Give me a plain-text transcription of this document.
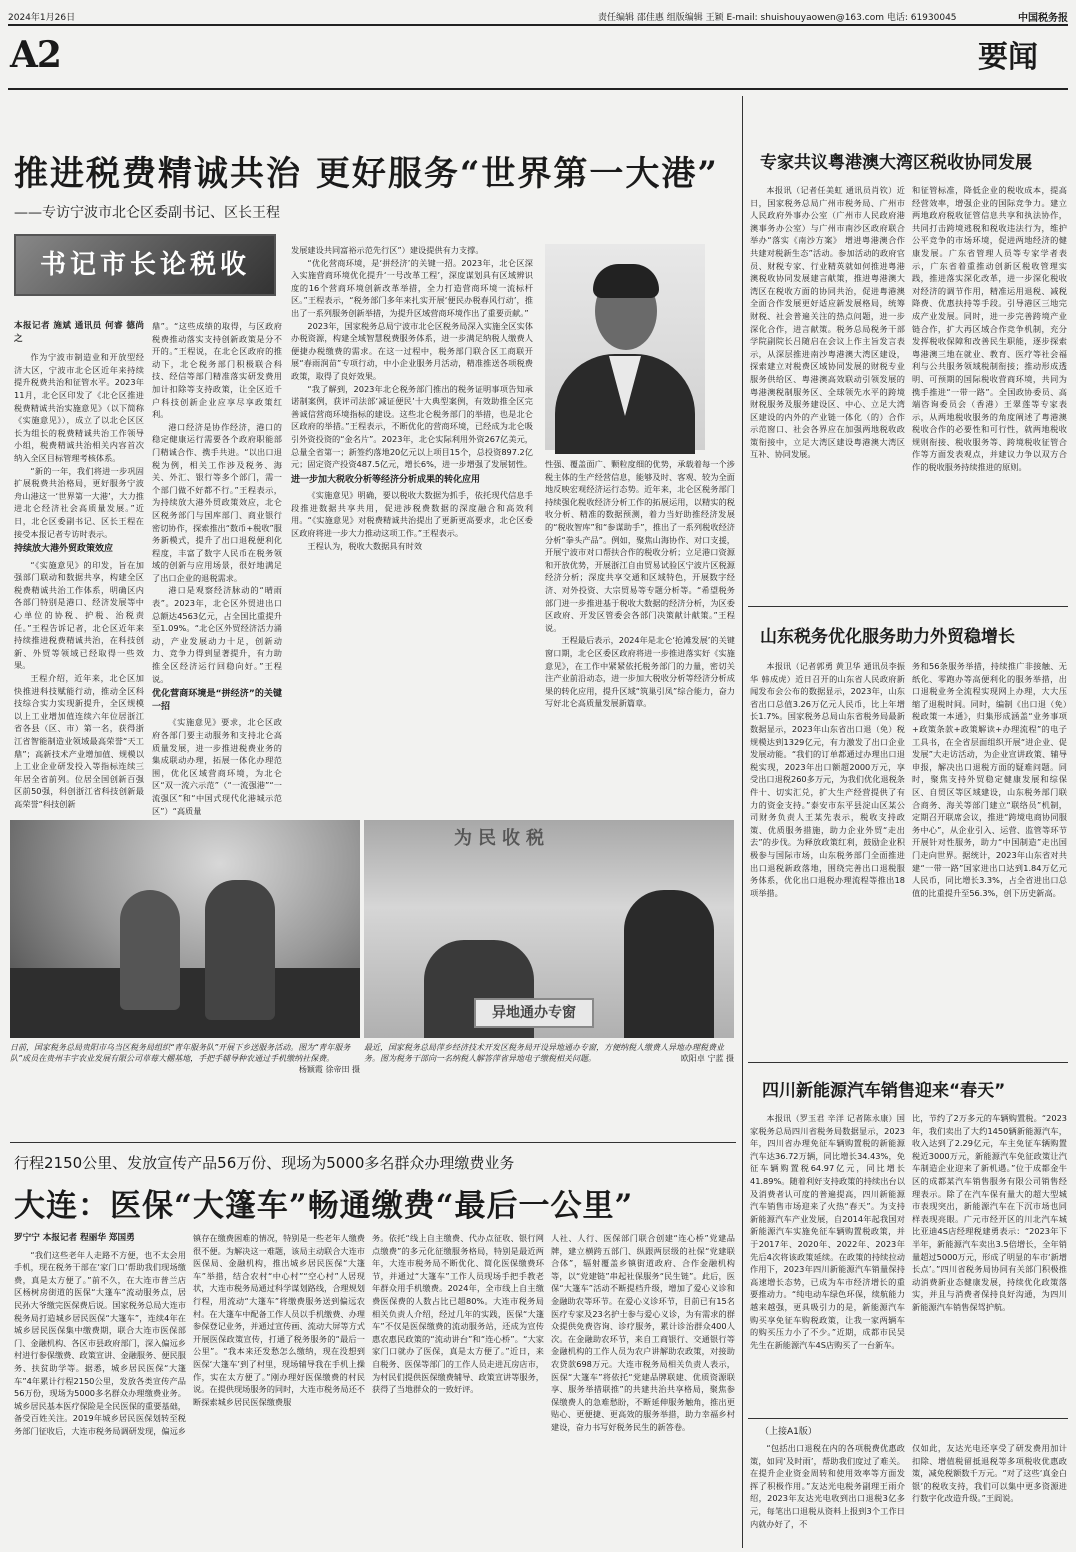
2024年1月26日	责任编辑 邵佳惠 组版编辑 王颖 E-mail: shuishouyaowen@163.com 电话: 61930045	中国税务报
A2	要闻
推进税费精诚共治 更好服务“世界第一大港”
——专访宁波市北仑区委副书记、区长王程
书记市长论税收
本报记者 施斌 通讯员 何睿 德尚之

作为宁波市制造业和开放型经济大区，宁波市北仑区近年来持续提升税费共治和征管水平。2023年11月，北仑区印发了《北仑区推进税费精诚共治实施意见》（以下简称《实施意见》），成立了以北仑区区长为组长的税费精诚共治工作领导小组，税费精诚共治相关内容首次纳入全区目标管理考核体系。

“新的一年，我们将进一步巩固扩展税费共治格局，更好服务宁波舟山港这一‘世界第一大港’，大力推进北仑经济社会高质量发展。”近日，北仑区委副书记、区长王程在接受本报记者专访时表示。

持续放大港外贸政策效应

“《实施意见》的印发，旨在加强部门联动和数据共享，构建全区税费精诚共治工作体系，明确区内各部门特别是港口、经济发展等中心单位的协税、护税、治税责任。”王程告诉记者，北仑区近年来持续推进税费精诚共治，在科技创新、外贸等领域已经取得一些效果。

王程介绍，近年来，北仑区加快推进科技赋能行动，推动全区科技综合实力实现新提升，全区规模以上工业增加值连续六年位居浙江省各县（区、市）第一名，获得浙江省智能制造业领域最高荣誉“天工鼎”；高新技术产业增加值、规模以上工业企业研发投入等指标连续三年居全省前列。位居全国创新百强区前50强，科创浙江省科技创新最高荣誉“科技创新

鼎”。“这些成绩的取得，与区政府税费推动落实支持创新政策是分不开的。”王程说，在北仑区政府的推动下，北仑税务部门积极联合科技、经信等部门精准落实研发费用加计扣除等支持政策，让全区近千户科技创新企业应享尽享政策红利。

港口经济是协作经济，港口的稳定健康运行需要各个政府职能部门精诚合作、携手共进。“以出口退税为例，相关工作涉及税务、海关、外汇、银行等多个部门，需一个部门做不好都不行。”王程表示，为持续放大港外贸政策效应，北仑区税务部门与国库部门、商业银行密切协作，探索推出“数币+税收”服务新模式，提升了出口退税便利化程度，丰富了数字人民币在税务领域的创新与应用场景，很好地满足了出口企业的退税需求。

港口是观察经济脉动的“晴雨表”。2023年，北仑区外贸进出口总额达4563亿元，占全国比重提升至1.09%。“北仑区外贸经济活力涌动，产业发展动力十足，创新动力、竞争力得到显著提升，有力助推全区经济运行回稳向好。”王程说。

优化营商环境是“拼经济”的关键一招

《实施意见》要求，北仑区政府各部门要主动服务和支持北仑高质量发展，进一步推进税费业务的集成联动办理，拓展一体化办理范围，优化区域营商环境，为北仑区“双一流六示范”（“一流强港”“一流强区”和“中国式现代化港城示范区”）“高质量

发展建设共同富裕示范先行区”）建设提供有力支撑。

“优化营商环境，是‘拼经济’的关键一招。2023年，北仑区深入实施营商环境优化提升‘一号改革工程’，深度谋划具有区域辨识度的16个营商环境创新改革举措，全力打造营商环境一流标杆区。”王程表示，“税务部门多年来扎实开展‘便民办税春风行动’，推出了一系列服务创新举措，为提升区域营商环境作出了重要贡献。”

2023年，国家税务总局宁波市北仑区税务局深入实施全区实体办税资源，构建全域智慧税费服务体系，进一步满足纳税人缴费人便捷办税缴费的需求。在这一过程中，税务部门联合区工商联开展“春雨润苗”专项行动，中小企业服务月活动，精准推送各项税费政策，取得了良好效果。

“我了解到，2023年北仑税务部门推出的税务证明事项告知承诺制案例，获评司法部‘减证便民’十大典型案例，有效助推全区完善诚信营商环境指标的建设。这些北仑税务部门的举措，也是北仑区政府的举措。”王程表示，不断优化的营商环境，已经成为北仑吸引外资投资的“金名片”。2023年，北仑实际利用外资267亿美元，总量全省第一；新签约落地20亿元以上项目15个，总投资897.2亿元；固定资产投资487.5亿元，增长6%，进一步增强了发展韧性。

进一步加大税收分析等经济分析成果的转化应用

《实施意见》明确，要以税收大数据为抓手，依托现代信息手段推进数据共享共用，促进涉税费数据的深度融合和高效利用。“《实施意见》对税费精诚共治提出了更新更高要求，北仑区委区政府将进一步大力推动这项工作。”王程表示。

王程认为，税收大数据具有时效

性强、覆盖面广、颗粒度细的优势，承载着每一个涉税主体的生产经营信息，能够及时、客观、较为全面地反映宏观经济运行态势。近年来，北仑区税务部门持续强化税收经济分析工作的拓展运用，以精实的税收分析、精准的数据预测，着力当好助推经济发展的“税收智库”和“参谋助手”，推出了一系列税收经济分析“拳头产品”。例如，聚焦山海协作、对口支援，开展宁波市对口帮扶合作的税收分析；立足港口资源和开放优势，开展浙江自由贸易试验区宁波片区税源经济分析；深度共享交通和区域特色，开展数字经济、对外投资、大宗贸易等专题分析等。“希望税务部门进一步推进基于税收大数据的经济分析，为区委区政府、开发区管委会各部门决策献计献策。”王程说。

王程最后表示，2024年是北仑‘抢滩发展’的关键窗口期，北仑区委区政府将进一步推进落实好《实施意见》，在工作中紧紧依托税务部门的力量，密切关注产业前沿动态，进一步加大税收分析等经济分析成果的转化应用，提升区域“筑巢引凤”综合能力，奋力写好北仑高质量发展新篇章。

为民收税
异地通办专窗
日前，国家税务总局贵阳市乌当区税务局组织“青年服务队”开展下乡送服务活动。图为“青年服务队”成员在贵州丰宇农业发展有限公司草莓大棚基地，手把手辅导种农通过手机缴纳社保费。
杨颖霞 徐帝田 摄
最近，国家税务总局萍乡经济技术开发区税务局开设异地通办专窗，方便纳税人缴费人异地办理税费业务。图为税务干部向一名纳税人解答萍省异地电子缴税相关问题。	欧阳卓 宁蓝 摄
专家共议粤港澳大湾区税收协同发展

本报讯（记者任美虹 通讯员肖钦）近日，国家税务总局广州市税务局、广州市人民政府外事办公室（广州市人民政府港澳事务办公室）与广州市南沙区政府联合举办“落实《南沙方案》 增进粤港澳合作 共建对税新生态”活动。参加活动的政府官员、财税专家、行业精英就如何推进粤港澳税收协同发展建言献策，推进粤港澳大湾区在税收方面的协同共治，促进粤港澳全面合作发展更好适应新发展格局，统筹财税、社会普遍关注的热点问题，进一步深化合作，进言献策。税务总局税务干部学院副院长吕随启在会议上作主旨发言表示，从深层推进南沙粤港澳大湾区建设，探索建立对税费区域协同发展的财税专业服务供给区、粤港澳高效联动引领发展的粤港澳税制服务区、全球领先水平的跨境财税服务及服务建设区、中心、立足大湾区建设的内外的产业链一体化（的）合作示范窗口、社会各界应在加强两地税收政策衔接中，立足大湾区建设粤港澳大湾区互补、协同发展。

和征管标准，降低企业的税收成本，提高经营效率，增强企业的国际竞争力。建立两地政府税收征管信息共享和执法协作，共同打击跨境逃税和税收违法行为，维护公平竞争的市场环境，促进两地经济的健康发展。广东省管理人员等专家学者表示，广东省着重推动创新区税收管理实践，推进落实深化改革，进一步深化税收对经济的调节作用，精准运用退税、减税降费、优惠扶持等手段。引导港区三地完成产业发展。同时，进一步完善跨境产业链合作，扩大再区域合作竞争机制，充分发挥税收保障和改善民生职能，逐步探索粤港澳三地在就业、教育、医疗等社会福利与公共服务领域税制衔接；推动形成透明、可预期的国际税收营商环境，共同为携手推进“一带一路”。全国政协委员、高端咨询委员会（香港）王翠莲等专家表示，从两地税收服务的角度阐述了粤港澳税收合作的必要性和可行性，就两地税收规则衔接、税收服务等、跨境税收征管合作等方面发表观点，并建议力争以双方合作的税收服务持续推进的原则。

山东税务优化服务助力外贸稳增长

本报讯（记者郭勇 黄卫华 通讯员李振华 韩成虎）近日召开的山东省人民政府新闻发布会公布的数据显示，2023年，山东省出口总值3.26万亿元人民币，比上年增长1.7%。国家税务总局山东省税务局最新数据显示，2023年山东省出口退（免）税规模达到1329亿元，有力激发了出口企业发展动能。“我们的订单都通过办理出口退税实现，2023年出口额超2000万元，享受出口退税260多万元，为我们优化退税条件十、切实汇兑，扩大生产经营提供了有力的资金支持。”泰安市东平县淀山区某公司财务负责人王某先表示，税收支持政策、优质服务措施，助力企业外贸“走出去”的步伐。为释放政策红利，鼓励企业积极参与国际市场，山东税务部门全面推进出口退税新政落地，围绕完善出口退税服务体系，优化出口退税办理流程等推出18项举措。

务和56条服务举措，持续推广非接触、无纸化、零跑办等高便利化的服务举措，出口退税业务全流程实现网上办理，大大压缩了退税时间。同时，编制《出口退（免）税政策一本通》，归集形成涵盖“业务事项+政策条款+政策解读+办理流程”的电子工具书，在全省层面组织开展“进企业、促发展”大走访活动，为企业宣讲政策、辅导申报，解决出口退税方面的疑难问题。同时，聚焦支持外贸稳定健康发展和综保区、自贸区等区域建设，山东税务部门联合商务、海关等部门建立“联络员”机制，定期召开联席会议，推进“跨境电商协同服务中心”，从企业引入、运营、监管等环节开展针对性服务，助力“中国制造”走出国门走向世界。据统计，2023年山东省对共建“一带一路”国家进出口达到1.84万亿元人民币，同比增长3.3%，占全省进出口总值的比重提升至56.3%，创下历史新高。

四川新能源汽车销售迎来“春天”

本报讯（罗玉君 辛洋 记者陈永康）国家税务总局四川省税务局数据显示，2023年，四川省办理免征车辆购置税的新能源汽车达36.72万辆，同比增长34.43%，免征车辆购置税64.97亿元，同比增长41.89%。随着利好支持政策的持续出台以及消费者认可度的普遍提高，四川新能源汽车销售市场迎来了火热“春天”。为支持新能源汽车产业发展，自2014年起我国对新能源汽车实施免征车辆购置税政策，并于2017年、2020年、2022年、2023年先后4次将该政策延续。在政策的持续拉动作用下，2023年四川新能源汽车销量保持高速增长态势，已成为车市经济增长的重要推动力。“纯电动车绿色环保，续航能力越来越强，更具吸引力的是，新能源汽车购买享免征车购税政策，让我一家两辆车的购买压力小了不少。”近期，成都市民吴先生在新能源汽车4S店购买了一台新车。

比，节约了2万多元的车辆购置税。“2023年，我们卖出了大约1450辆新能源汽车，收入达到了2.29亿元，车主免征车辆购置税近3000万元，新能源汽车免征政策让汽车制造企业迎来了新机遇。”位于成都金牛区的成都某汽车销售服务有限公司销售经理表示。除了在汽车保有量大的超大型城市表现突出，新能源汽车在下沉市场也同样表现亮眼。广元市经开区的川北汽车城比亚迪4S店经理税建勇表示：“2023年下半年，新能源汽车卖出3.5倍增长，全年销量超过5000万元，形成了明显的车市‘新增长点’。”四川省税务局协同有关部门积极推动消费新业态健康发展，持续优化政策落实，并且与消费者保持良好沟通，为四川新能源汽车销售保驾护航。

（上接A1版）

“包括出口退税在内的各项税费优惠政策，如同‘及时雨’，帮助我们度过了难关。在提升企业资金周转和使用效率等方面发挥了积极作用。”友达光电税务副理王雨介绍，2023年友达光电收到出口退税3亿多元，每笔出口退税从资料上报到3个工作日内就办好了，不

仅如此，友达光电还享受了研发费用加计扣除、增值税留抵退税等多项税收优惠政策，减免税额数千万元。“对了这些‘真金白银’的税收支持，我们可以集中更多资源进行数字化改造升级。”王阎说。

行程2150公里、发放宣传产品56万份、现场为5000多名群众办理缴费业务
大连：医保“大篷车”畅通缴费“最后一公里”
罗宁宁 本报记者 程丽华 郑国勇

“我们这些老年人走路不方便，也不太会用手机，现在税务干部在‘家门口’帮助我们现场缴费，真是太方便了。”前不久，在大连市普兰店区杨树房街道的医保“大篷车”流动服务点，居民孙大爷缴完医保费后说。国家税务总局大连市税务局打造城乡居民医保“大篷车”，连续4年在城乡居民医保集中缴费期，联合大连市医保部门、金融机构、各区市县政府部门，深入偏远乡村进行参保缴费、政策宣讲、金融服务、便民服务、扶贫助学等。据悉，城乡居民医保“大篷车”4年累计行程2150公里，发放各类宣传产品56万份，现场为5000多名群众办理缴费业务。城乡居民基本医疗保险是全民医保的重要基础，备受百姓关注。2019年城乡居民医保划转至税务部门征收后，大连市税务局调研发现，偏远乡

镇存在缴费困难的情况，特别是一些老年人缴费很不便。为解决这一难题，该局主动联合大连市医保局、金融机构，推出城乡居民医保“大篷车”举措，结合农村“中心村”“空心村”人居现状，大连市税务局通过科学谋划路线，合理规划行程，用流动“大篷车”将缴费服务送到偏远农村。在大篷车中配备工作人员以手机缴费、办理参保登记业务，并通过宣传画、流动大屏等方式开展医保政策宣传，打通了税务服务的“最后一公里”。“我本来还发愁怎么缴纳，现在没想到医保‘大篷车’到了村里，现场辅导我在手机上操作，实在太方便了。”刚办理好医保缴费的村民说。在提供现场服务的同时，大连市税务局还不断探索城乡居民医保缴费服

务。依托“线上自主缴费、代办点征收、银行网点缴费”的多元化征缴服务格局，特别是最近两年，大连市税务局不断优化、简化医保缴费环节，并通过“大篷车”工作人员现场手把手教老年群众用手机缴费。2024年，全市线上自主缴费医保费的人数占比已超80%。大连市税务局相关负责人介绍，经过几年的实践，医保“大篷车”不仅是医保缴费的流动服务站，还成为宣传惠农惠民政策的“流动讲台”和“连心桥”。“大家家门口就办了医保，真是太方便了。”近日，来自税务、医保等部门的工作人员走进瓦房店市，为村民们提供医保缴费辅导、政策宣讲等服务，获得了当地群众的一致好评。

人社、人行、医保部门联合创建“连心桥”党建品牌，建立横跨五部门、纵跟两层级的社保“党建联合体”，辐射覆盖乡镇街道政府、合作金融机构等，以“党建链”串起社保服务“民生链”。此后，医保“大篷车”活动不断提档升级，增加了爱心义诊和金融助农等环节。在爱心义诊环节，目前已有15名医疗专家及23名护士参与爱心义诊，为有需求的群众提供免费咨询、诊疗服务，累计诊治群众400人次。在金融助农环节，来自工商银行、交通银行等金融机构的工作人员为农户讲解助农政策，对接助农贷款698万元。大连市税务局相关负责人表示，医保“大篷车”将依托“党建品牌联建、优质资源联享、服务举措联推”的共建共治共享格局，聚焦参保缴费人的急难愁盼，不断延伸服务触角，推出更贴心、更便捷、更高效的服务举措，助力幸福乡村建设，奋力书写好税务民生的新答卷。
